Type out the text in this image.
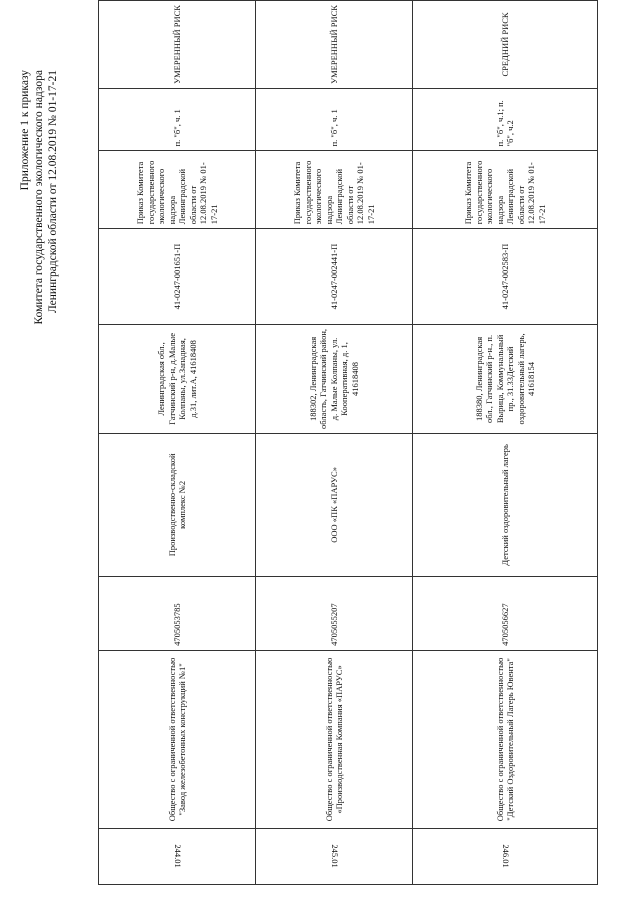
Приложение 1 к приказу Комитета государственного экологического надзора Ленинградской области от 12.08.2019 № 01-17-21
244.01	Общество с ограниченной ответственностью "Завод железобетонных конструкций №1"	4705053785	Производственно-складской комплекс №2	Ленинградская обл., Гатчинский р-н, д.Малые Колпаны, ул.Западная, д.31, лит.А, 41618408	41-0247-001651-П	Приказ Комитета государственного экологического надзора Ленинградской области от 12.08.2019 № 01-17-21	п. "б", ч. 1	УМЕРЕННЫЙ РИСК
245.01	Общество с ограниченной ответственностью «Производственная Компания «ПАРУС»	4705055207	ООО «ПК «ПАРУС»	188302, Ленинградская область, Гатчинский район, д. Малые Колпаны, ул. Кооперативная, д. 1, 41618408	41-0247-002441-П	Приказ Комитета государственного экологического надзора Ленинградской области от 12.08.2019 № 01-17-21	п. "б", ч. 1	УМЕРЕННЫЙ РИСК
246.01	Общество с ограниченной ответственностью "Детский Оздоровительный Лагерь Ювента"	4705056627	Детский оздоровительный лагерь	188380, Ленинградская обл., Гатчинский р-н., п. Вырица, Коммунальный пр., 31.33Детский оздоровительный лагерь, 41618154	41-0247-002583-П	Приказ Комитета государственного экологического надзора Ленинградской области от 12.08.2019 № 01-17-21	п. "б", ч.1; п. "б", ч.2	СРЕДНИЙ РИСК
